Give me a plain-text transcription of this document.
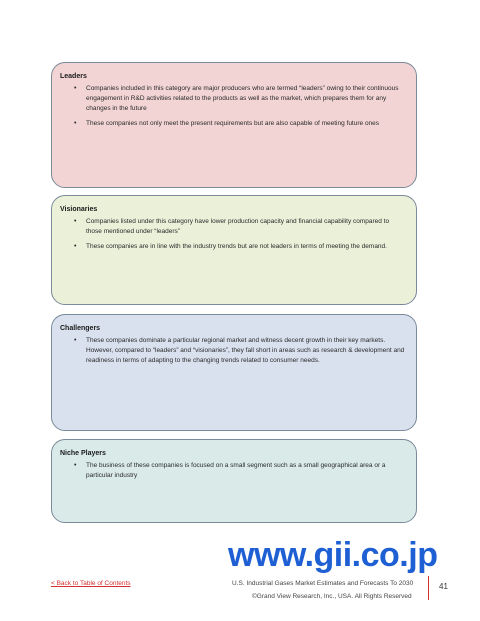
Leaders
• Companies included in this category are major producers who are termed “leaders” owing to their continuous engagement in R&D activities related to the products as well as the market, which prepares them for any changes in the future
• These companies not only meet the present requirements but are also capable of meeting future ones
Visionaries
• Companies listed under this category have lower production capacity and financial capability compared to those mentioned under “leaders”
• These companies are in line with the industry trends but are not leaders in terms of meeting the demand.
Challengers
• These companies dominate a particular regional market and witness decent growth in their key markets. However, compared to “leaders” and “visionaries”, they fall short in areas such as research & development and readiness in terms of adapting to the changing trends related to consumer needs.
Niche Players
• The business of these companies is focused on a small segment such as a small geographical area or a particular industry
www.gii.co.jp
< Back to Table of Contents	U.S. Industrial Gases Market Estimates and Forecasts To 2030
©Grand View Research, Inc., USA. All Rights Reserved
41
